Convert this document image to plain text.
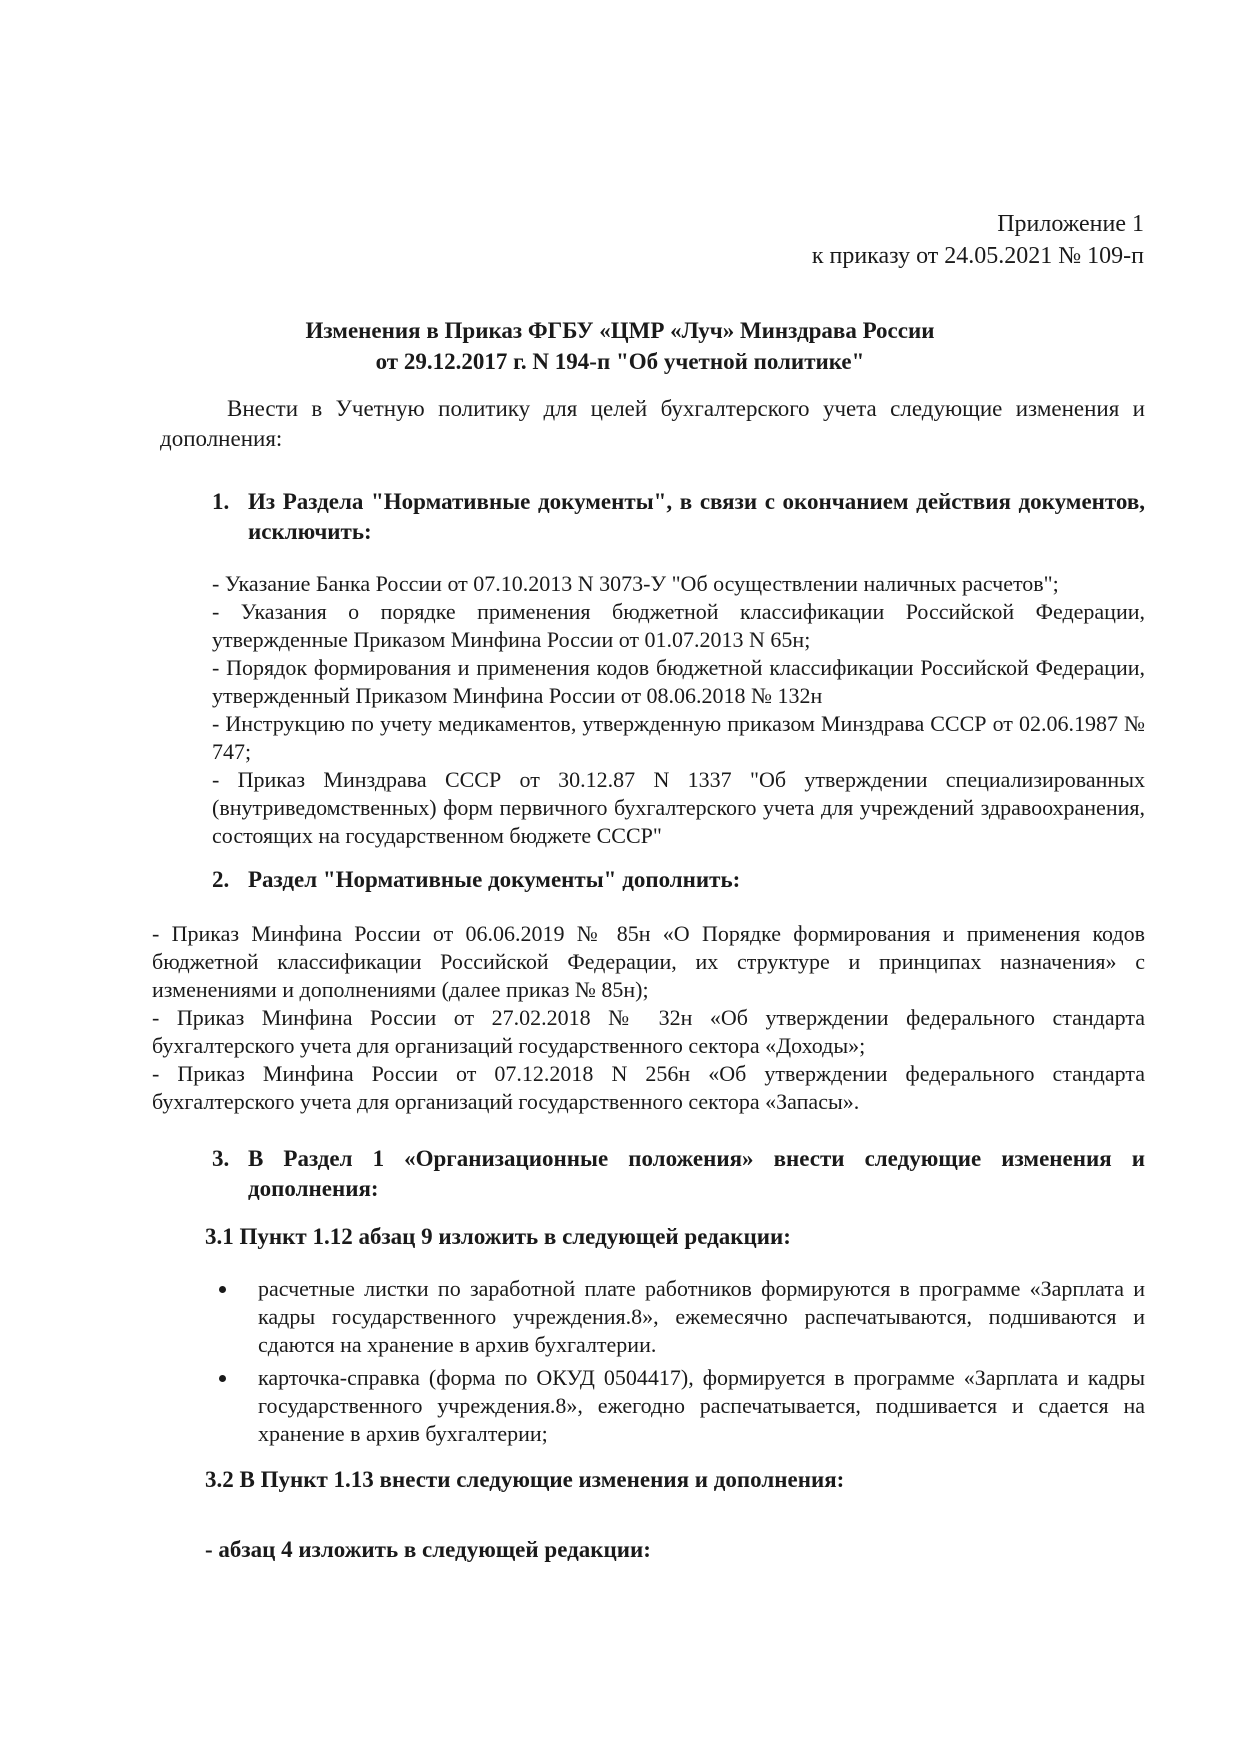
Приложение 1
к приказу от 24.05.2021 № 109-п
Изменения в Приказ ФГБУ «ЦМР «Луч» Минздрава России
от 29.12.2017 г. N 194-п "Об учетной политике"
Внести в Учетную политику для целей бухгалтерского учета следующие изменения и дополнения:
1. Из Раздела "Нормативные документы", в связи с окончанием действия документов, исключить:

- Указание Банка России от 07.10.2013 N 3073-У "Об осуществлении наличных расчетов";

- Указания о порядке применения бюджетной классификации Российской Федерации, утвержденные Приказом Минфина России от 01.07.2013 N 65н;

- Порядок формирования и применения кодов бюджетной классификации Российской Федерации, утвержденный Приказом Минфина России от 08.06.2018 № 132н

- Инструкцию по учету медикаментов, утвержденную приказом Минздрава СССР от 02.06.1987 № 747;

- Приказ Минздрава СССР от 30.12.87 N 1337 "Об утверждении специализированных (внутриведомственных) форм первичного бухгалтерского учета для учреждений здравоохранения, состоящих на государственном бюджете СССР"

2. Раздел "Нормативные документы" дополнить:

- Приказ Минфина России от 06.06.2019 № 85н «О Порядке формирования и применения кодов бюджетной классификации Российской Федерации, их структуре и принципах назначения» с изменениями и дополнениями (далее приказ № 85н);

- Приказ Минфина России от 27.02.2018 № 32н «Об утверждении федерального стандарта бухгалтерского учета для организаций государственного сектора «Доходы»;

- Приказ Минфина России от 07.12.2018 N 256н «Об утверждении федерального стандарта бухгалтерского учета для организаций государственного сектора «Запасы».

3. В Раздел 1 «Организационные положения» внести следующие изменения и дополнения:
3.1 Пункт 1.12 абзац 9 изложить в следующей редакции:
расчетные листки по заработной плате работников формируются в программе «Зарплата и кадры государственного учреждения.8», ежемесячно распечатываются, подшиваются и сдаются на хранение в архив бухгалтерии.
карточка-справка (форма по ОКУД 0504417), формируется в программе «Зарплата и кадры государственного учреждения.8», ежегодно распечатывается, подшивается и сдается на хранение в архив бухгалтерии;
3.2 В Пункт 1.13 внести следующие изменения и дополнения:
- абзац 4 изложить в следующей редакции:
